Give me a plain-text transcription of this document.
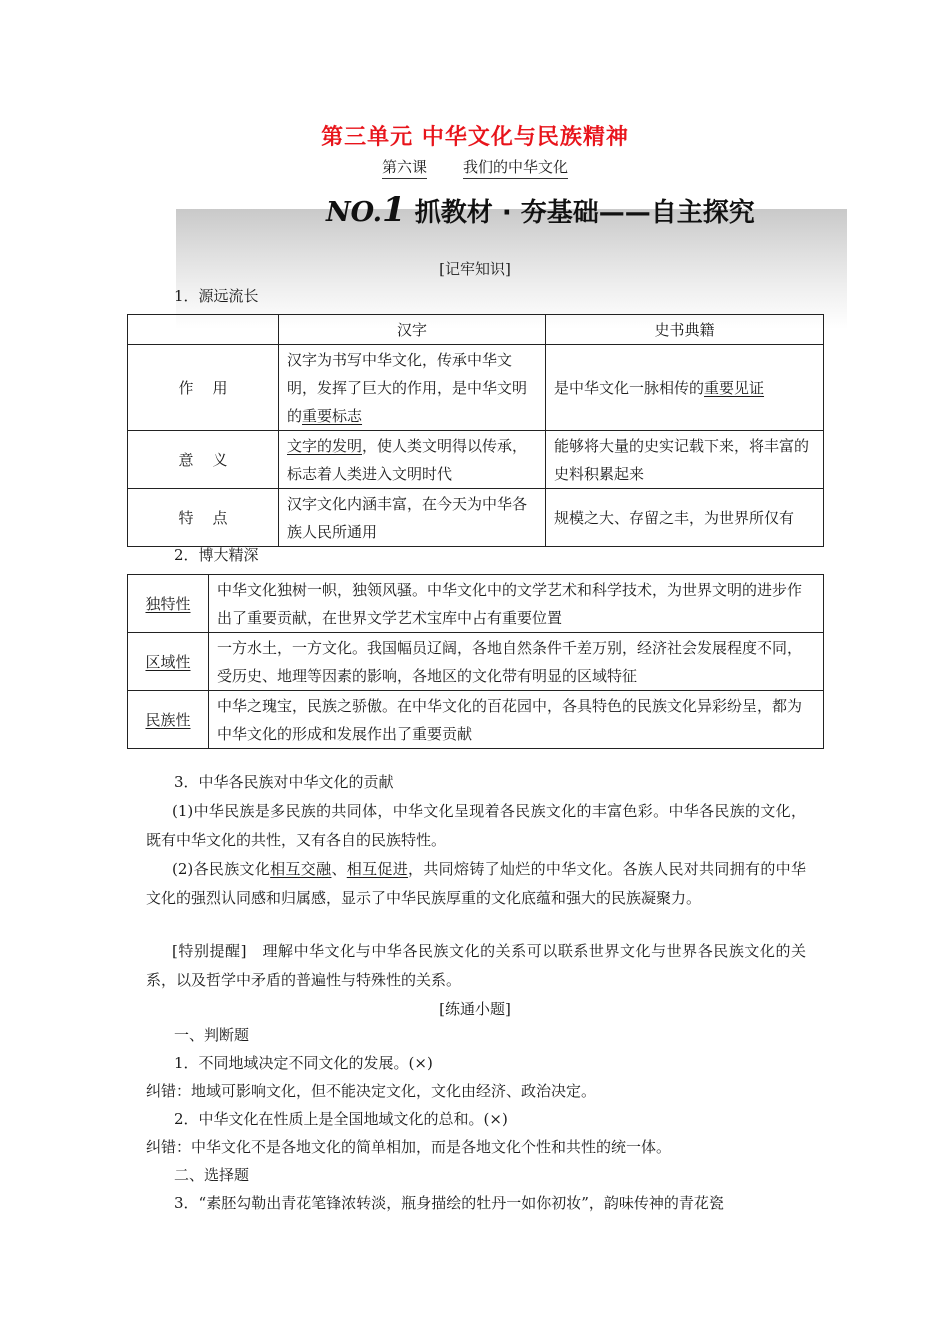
第三单元 中华文化与民族精神
第六课 我们的中华文化
NO.1 抓教材 · 夯基础——自主探究
[记牢知识]
1．源远流长
	汉字	史书典籍
作    用	汉字为书写中华文化，传承中华文明，发挥了巨大的作用，是中华文明的重要标志	是中华文化一脉相传的重要见证
意    义	文字的发明，使人类文明得以传承，标志着人类进入文明时代	能够将大量的史实记载下来，将丰富的史料积累起来
特    点	汉字文化内涵丰富，在今天为中华各族人民所通用	规模之大、存留之丰，为世界所仅有
2．博大精深
独特性	中华文化独树一帜，独领风骚。中华文化中的文学艺术和科学技术，为世界文明的进步作出了重要贡献，在世界文学艺术宝库中占有重要位置
区域性	一方水土，一方文化。我国幅员辽阔，各地自然条件千差万别，经济社会发展程度不同，受历史、地理等因素的影响，各地区的文化带有明显的区域特征
民族性	中华之瑰宝，民族之骄傲。在中华文化的百花园中，各具特色的民族文化异彩纷呈，都为中华文化的形成和发展作出了重要贡献
3．中华各民族对中华文化的贡献
(1)中华民族是多民族的共同体，中华文化呈现着各民族文化的丰富色彩。中华各民族的文化，既有中华文化的共性，又有各自的民族特性。
(2)各民族文化相互交融、相互促进，共同熔铸了灿烂的中华文化。各族人民对共同拥有的中华文化的强烈认同感和归属感，显示了中华民族厚重的文化底蕴和强大的民族凝聚力。
[特别提醒]　理解中华文化与中华各民族文化的关系可以联系世界文化与世界各民族文化的关系，以及哲学中矛盾的普遍性与特殊性的关系。
[练通小题]
一、判断题
1．不同地域决定不同文化的发展。(×)
纠错：地域可影响文化，但不能决定文化，文化由经济、政治决定。
2．中华文化在性质上是全国地域文化的总和。(×)
纠错：中华文化不是各地文化的简单相加，而是各地文化个性和共性的统一体。
二、选择题
3．“素胚勾勒出青花笔锋浓转淡，瓶身描绘的牡丹一如你初妆”，韵味传神的青花瓷
